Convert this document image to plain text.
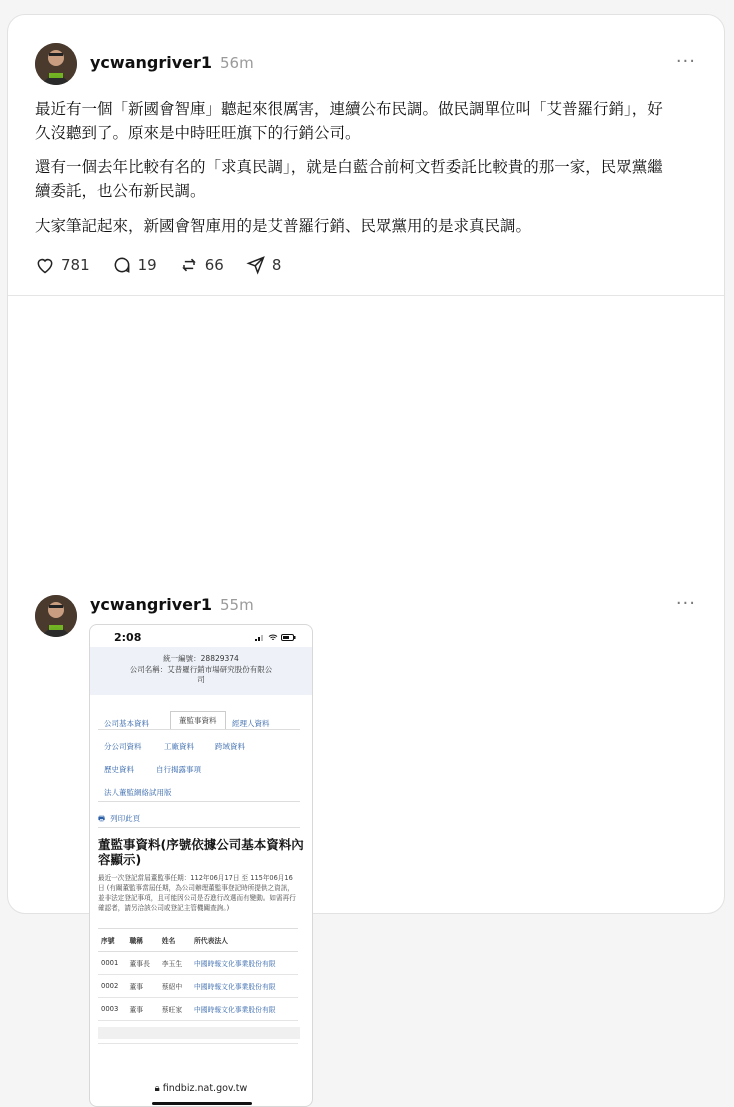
ycwangriver1 56m	···

最近有一個「新國會智庫」聽起來很厲害，連續公布民調。做民調單位叫「艾普羅行銷」，好久沒聽到了。原來是中時旺旺旗下的行銷公司。

還有一個去年比較有名的「求真民調」，就是白藍合前柯文哲委託比較貴的那一家，民眾黨繼續委託，也公布新民調。

大家筆記起來，新國會智庫用的是艾普羅行銷、民眾黨用的是求真民調。

781	19	66	8
ycwangriver1 55m	···
2:08
統一編號：28829374
公司名稱：艾普羅行銷市場研究股份有限公
司
公司基本資料	董監事資料	經理人資料
分公司資料	工廠資料	跨域資料
歷史資料	自行揭露事項
法人董監網絡試用版
🖶 列印此頁
董監事資料(序號依據公司基本資料內容顯示)
最近一次登記當屆董監事任期：112年06月17日 至 115年06月16日 (有關董監事當屆任期，為公司辦理董監事登記時所提供之資訊，並非法定登記事項，且可能因公司是否進行改選而有變動。如需再行確認者，請另洽該公司或登記主管機關查詢。)
序號	職稱	姓名	所代表法人
0001	董事長	李玉生	中國時報文化事業股份有限
0002	董事	蔡紹中	中國時報文化事業股份有限
0003	董事	蔡旺家	中國時報文化事業股份有限

🔒︎ findbiz.nat.gov.tw
